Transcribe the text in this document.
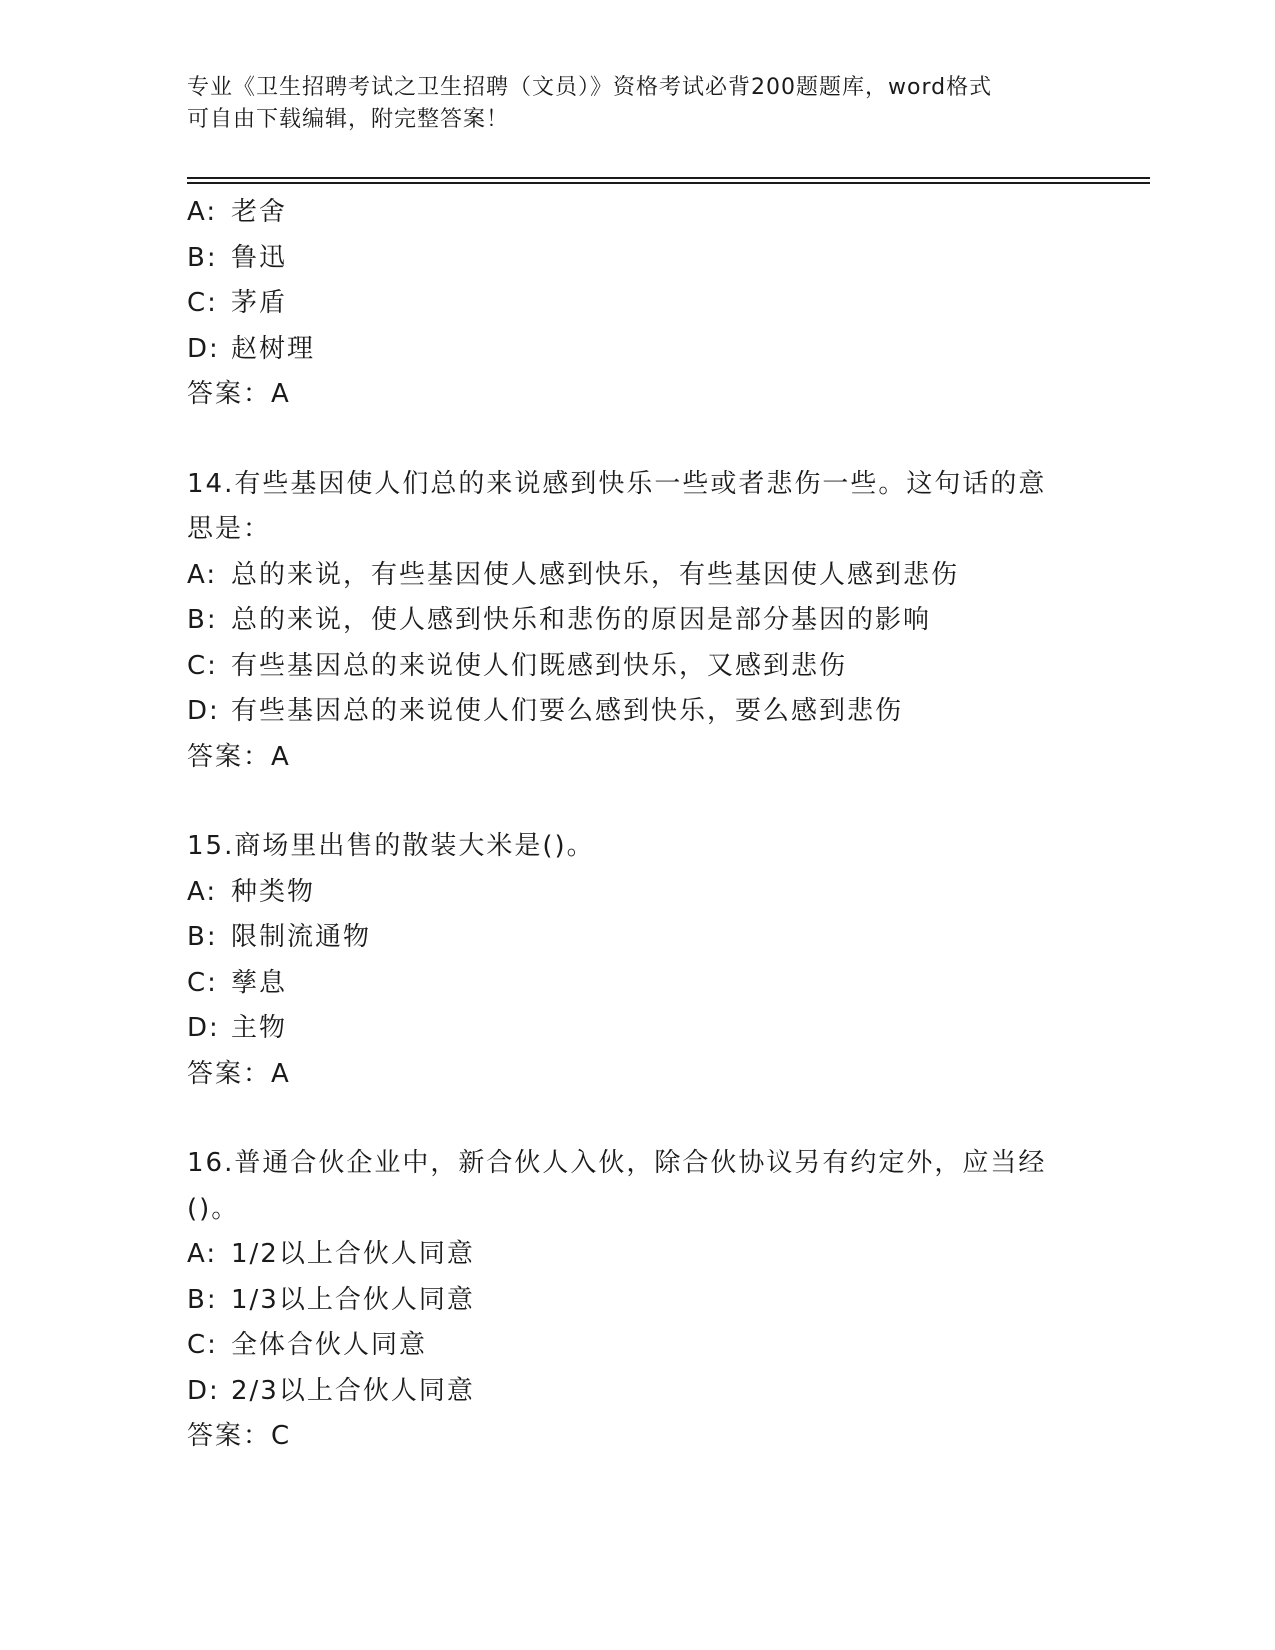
专业《卫生招聘考试之卫生招聘（文员）》资格考试必背200题题库，word格式
可自由下载编辑，附完整答案！
A: 老舍
B: 鲁迅
C: 茅盾
D: 赵树理
答案：A
14.有些基因使人们总的来说感到快乐一些或者悲伤一些。这句话的意
思是：
A: 总的来说，有些基因使人感到快乐，有些基因使人感到悲伤
B: 总的来说，使人感到快乐和悲伤的原因是部分基因的影响
C: 有些基因总的来说使人们既感到快乐，又感到悲伤
D: 有些基因总的来说使人们要么感到快乐，要么感到悲伤
答案：A
15.商场里出售的散装大米是()。
A: 种类物
B: 限制流通物
C: 孳息
D: 主物
答案：A
16.普通合伙企业中，新合伙人入伙，除合伙协议另有约定外，应当经
()。
A: 1/2以上合伙人同意
B: 1/3以上合伙人同意
C: 全体合伙人同意
D: 2/3以上合伙人同意
答案：C
